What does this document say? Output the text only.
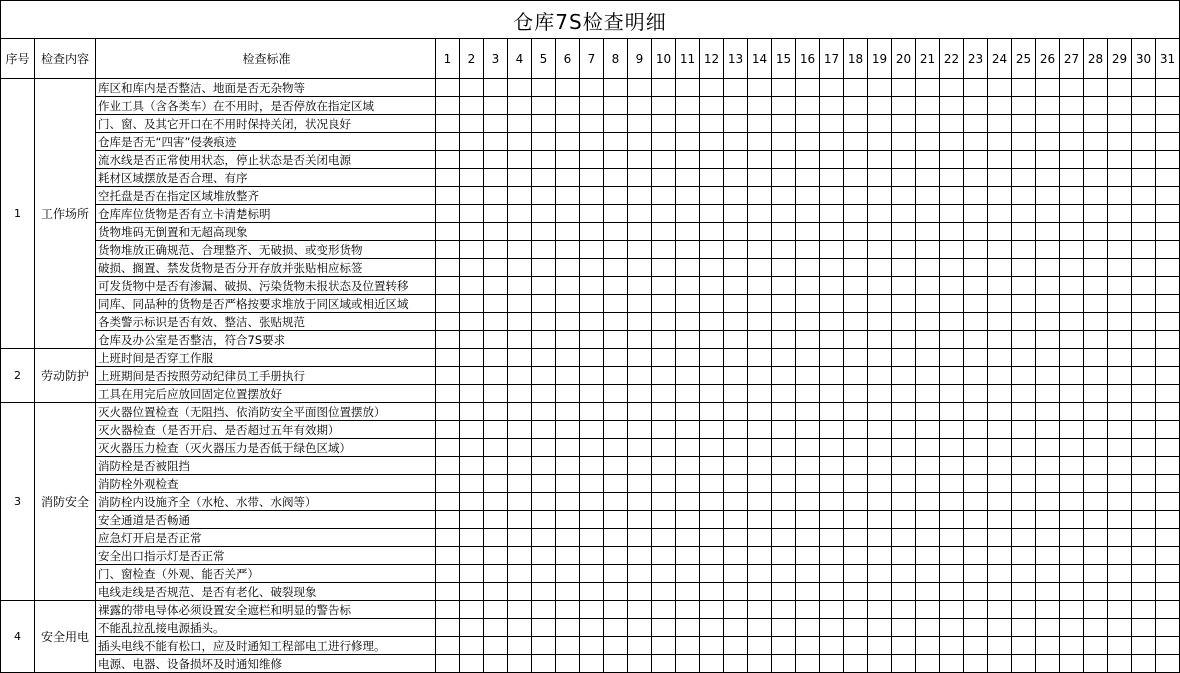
仓库7S检查明细
序号	检查内容	检查标准	1	2	3	4	5	6	7	8	9	10	11	12	13	14	15	16	17	18	19	20	21	22	23	24	25	26	27	28	29	30	31
1	工作场所	库区和库内是否整洁、地面是否无杂物等																															
		作业工具（含各类车）在不用时，是否停放在指定区域																															
		门、窗、及其它开口在不用时保持关闭，状况良好																															
		仓库是否无“四害”侵袭痕迹																															
		流水线是否正常使用状态，停止状态是否关闭电源																															
		耗材区域摆放是否合理、有序																															
		空托盘是否在指定区域堆放整齐																															
		仓库库位货物是否有立卡清楚标明																															
		货物堆码无倒置和无超高现象																															
		货物堆放正确规范、合理整齐、无破损、或变形货物																															
		破损、搁置、禁发货物是否分开存放并张贴相应标签																															
		可发货物中是否有渗漏、破损、污染货物未报状态及位置转移																															
		同库、同品种的货物是否严格按要求堆放于同区域或相近区域																															
		各类警示标识是否有效、整洁、张贴规范																															
		仓库及办公室是否整洁，符合7S要求																															
2	劳动防护	上班时间是否穿工作服																															
		上班期间是否按照劳动纪律员工手册执行																															
		工具在用完后应放回固定位置摆放好																															
3	消防安全	灭火器位置检查（无阻挡、依消防安全平面图位置摆放）																															
		灭火器检查（是否开启、是否超过五年有效期）																															
		灭火器压力检查（灭火器压力是否低于绿色区域）																															
		消防栓是否被阻挡																															
		消防栓外观检查																															
		消防栓内设施齐全（水枪、水带、水阀等）																															
		安全通道是否畅通																															
		应急灯开启是否正常																															
		安全出口指示灯是否正常																															
		门、窗检查（外观、能否关严）																															
		电线走线是否规范、是否有老化、破裂现象																															
4	安全用电	裸露的带电导体必须设置安全遮栏和明显的警告标																															
		不能乱拉乱接电源插头。																															
		插头电线不能有松口，应及时通知工程部电工进行修理。																															
		电源、电器、设备损坏及时通知维修																															
